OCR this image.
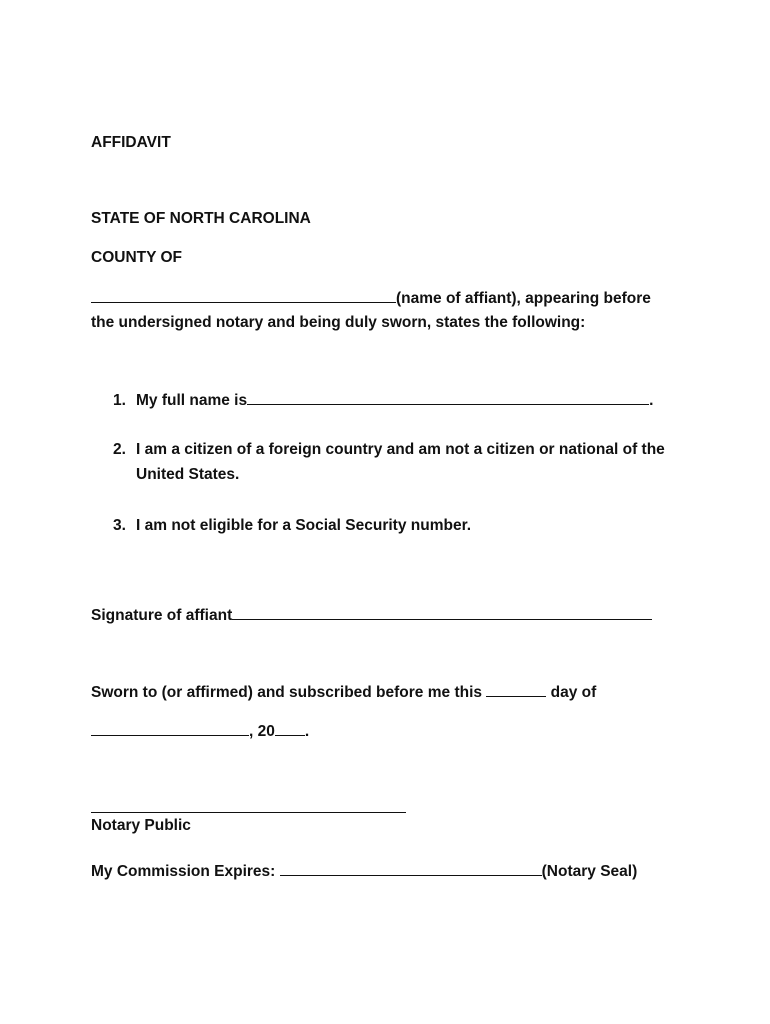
AFFIDAVIT
STATE OF NORTH CAROLINA
COUNTY OF
(name of affiant), appearing before
the undersigned notary and being duly sworn, states the following:
1. My full name is	.
2. I am a citizen of a foreign country and am not a citizen or national of the
United States.
3. I am not eligible for a Social Security number.
Signature of affiant
Sworn to (or affirmed) and subscribed before me this	day of
, 20 .
Notary Public
My Commission Expires:	(Notary Seal)
